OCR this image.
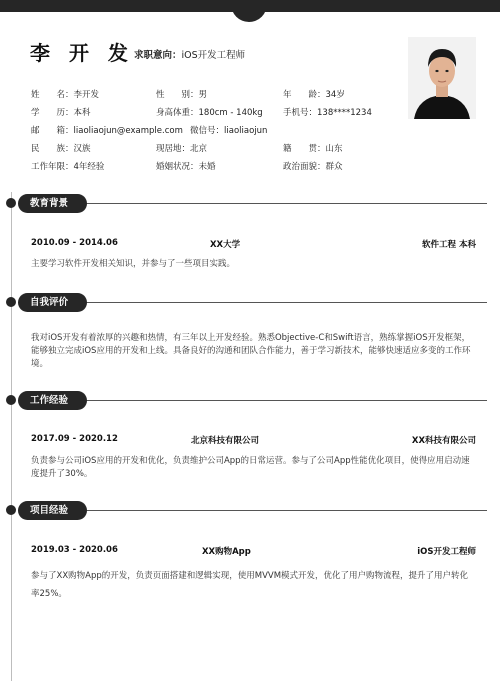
李 开 发 求职意向：iOS开发工程师
姓　　名：李开发	性　　别：男	年　　龄：34岁
学　　历：本科	身高体重：180cm - 140kg 手机号：138****1234
邮　　箱：liaoliaojun@example.com 微信号：liaoliaojun
民　　族：汉族	现居地：北京	籍　　贯：山东
工作年限：4年经验	婚姻状况：未婚	政治面貌：群众
教育背景
2010.09 - 2014.06	XX大学	软件工程 本科
主要学习软件开发相关知识，并参与了一些项目实践。
自我评价
我对iOS开发有着浓厚的兴趣和热情，有三年以上开发经验。熟悉Objective-C和Swift语言，熟练掌握iOS开发框架，能够独立完成iOS应用的开发和上线。具备良好的沟通和团队合作能力，善于学习新技术，能够快速适应多变的工作环境。
工作经验
2017.09 - 2020.12	北京科技有限公司	XX科技有限公司
负责参与公司iOS应用的开发和优化，负责维护公司App的日常运营。参与了公司App性能优化项目，使得应用启动速度提升了30%。
项目经验
2019.03 - 2020.06	XX购物App	iOS开发工程师
参与了XX购物App的开发，负责页面搭建和逻辑实现，使用MVVM模式开发，优化了用户购物流程，提升了用户转化率25%。
